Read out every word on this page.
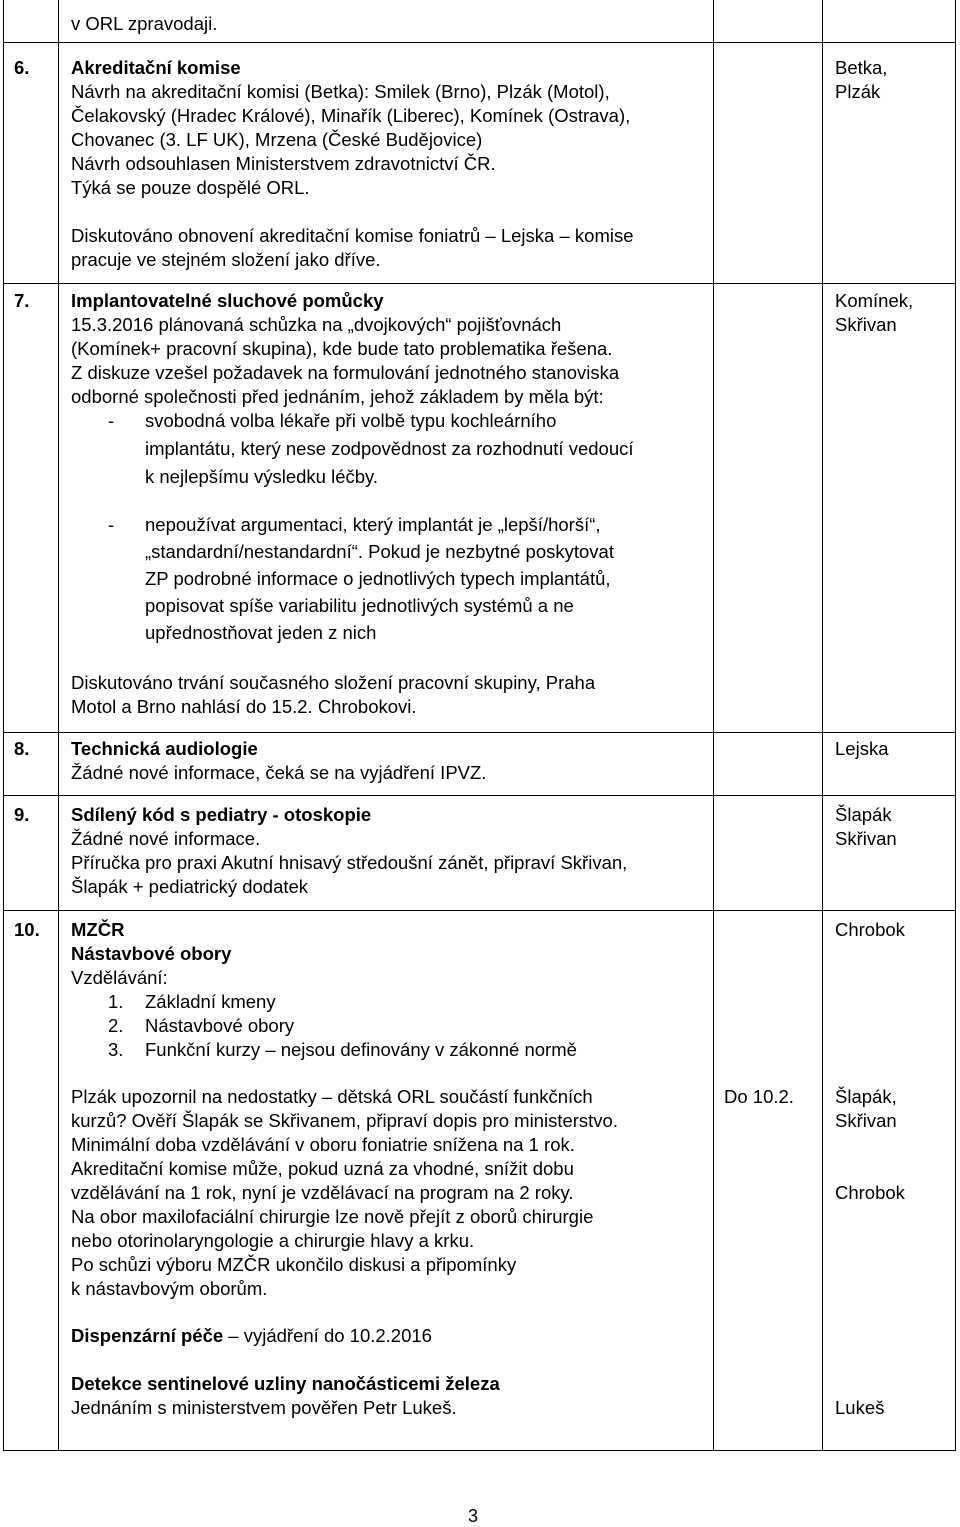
v ORL zpravodaji.
6. Akreditační komise
Návrh na akreditační komisi (Betka): Smilek (Brno), Plzák (Motol),
Čelakovský (Hradec Králové), Minařík (Liberec), Komínek (Ostrava),
Chovanec (3. LF UK), Mrzena (České Budějovice)
Návrh odsouhlasen Ministerstvem zdravotnictví ČR.
Týká se pouze dospělé ORL.
Diskutováno obnovení akreditační komise foniatrů – Lejska – komise
pracuje ve stejném složení jako dříve.
Betka,
Plzák
7. Implantovatelné sluchové pomůcky
15.3.2016 plánovaná schůzka na „dvojkových“ pojišťovnách
(Komínek+ pracovní skupina), kde bude tato problematika řešena.
Z diskuze vzešel požadavek na formulování jednotného stanoviska
odborné společnosti před jednáním, jehož základem by měla být:
- svobodná volba lékaře při volbě typu kochleárního
implantátu, který nese zodpovědnost za rozhodnutí vedoucí
k nejlepšímu výsledku léčby.
- nepoužívat argumentaci, který implantát je „lepší/horší“,
„standardní/nestandardní“. Pokud je nezbytné poskytovat
ZP podrobné informace o jednotlivých typech implantátů,
popisovat spíše variabilitu jednotlivých systémů a ne
upřednostňovat jeden z nich
Diskutováno trvání současného složení pracovní skupiny, Praha
Motol a Brno nahlásí do 15.2. Chrobokovi.
Komínek,
Skřivan
8. Technická audiologie
Žádné nové informace, čeká se na vyjádření IPVZ.
Lejska
9. Sdílený kód s pediatry - otoskopie
Žádné nové informace.
Příručka pro praxi Akutní hnisavý středoušní zánět, připraví Skřivan,
Šlapák + pediatrický dodatek
Šlapák
Skřivan
10. MZČR
Nástavbové obory
Vzdělávání:
1. Základní kmeny
2. Nástavbové obory
3. Funkční kurzy – nejsou definovány v zákonné normě
Plzák upozornil na nedostatky – dětská ORL součástí funkčních
kurzů? Ověří Šlapák se Skřivanem, připraví dopis pro ministerstvo.
Minimální doba vzdělávání v oboru foniatrie snížena na 1 rok.
Akreditační komise může, pokud uzná za vhodné, snížit dobu
vzdělávání na 1 rok, nyní je vzdělávací na program na 2 roky.
Na obor maxilofaciální chirurgie lze nově přejít z oborů chirurgie
nebo otorinolaryngologie a chirurgie hlavy a krku.
Po schůzi výboru MZČR ukončilo diskusi a připomínky
k nástavbovým oborům.
Dispenzární péče – vyjádření do 10.2.2016
Detekce sentinelové uzliny nanočásticemi železa
Jednáním s ministerstvem pověřen Petr Lukeš.
Do 10.2.
Chrobok
Šlapák,
Skřivan
Chrobok
Lukeš
3
